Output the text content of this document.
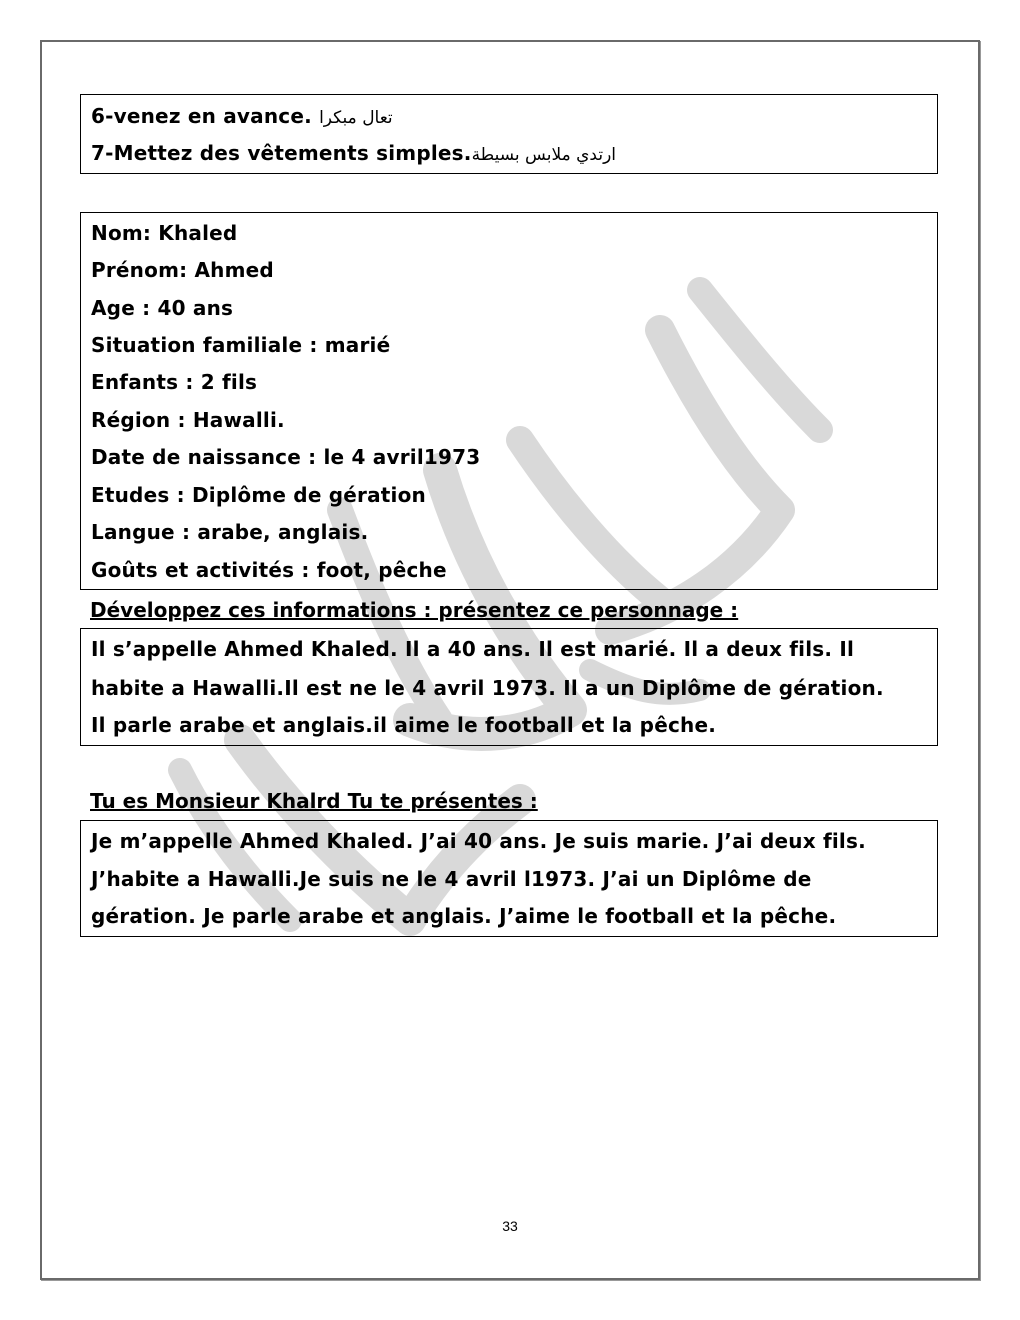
6-venez en avance. تعال مبكرا
7-Mettez des vêtements simples.ارتدي ملابس بسيطة
Nom: Khaled
Prénom: Ahmed
Age : 40 ans
Situation familiale : marié
Enfants : 2 fils
Région : Hawalli.
Date de naissance : le 4 avril1973
Etudes : Diplôme de gération
Langue : arabe, anglais.
Goûts et activités : foot, pêche
Développez ces informations : présentez ce personnage :
Il s’appelle Ahmed Khaled. Il a 40 ans. Il est marié. Il a deux fils. Il
habite a Hawalli.Il est ne le 4 avril 1973. Il a un Diplôme de gération.
Il parle arabe et anglais.il aime le football et la pêche.
Tu es Monsieur Khalrd Tu te présentes :
Je m’appelle Ahmed Khaled. J’ai 40 ans. Je suis marie. J’ai deux fils.
J’habite a Hawalli.Je suis ne le 4 avril l1973. J’ai un Diplôme de
gération. Je parle arabe et anglais. J’aime le football et la pêche.
33
